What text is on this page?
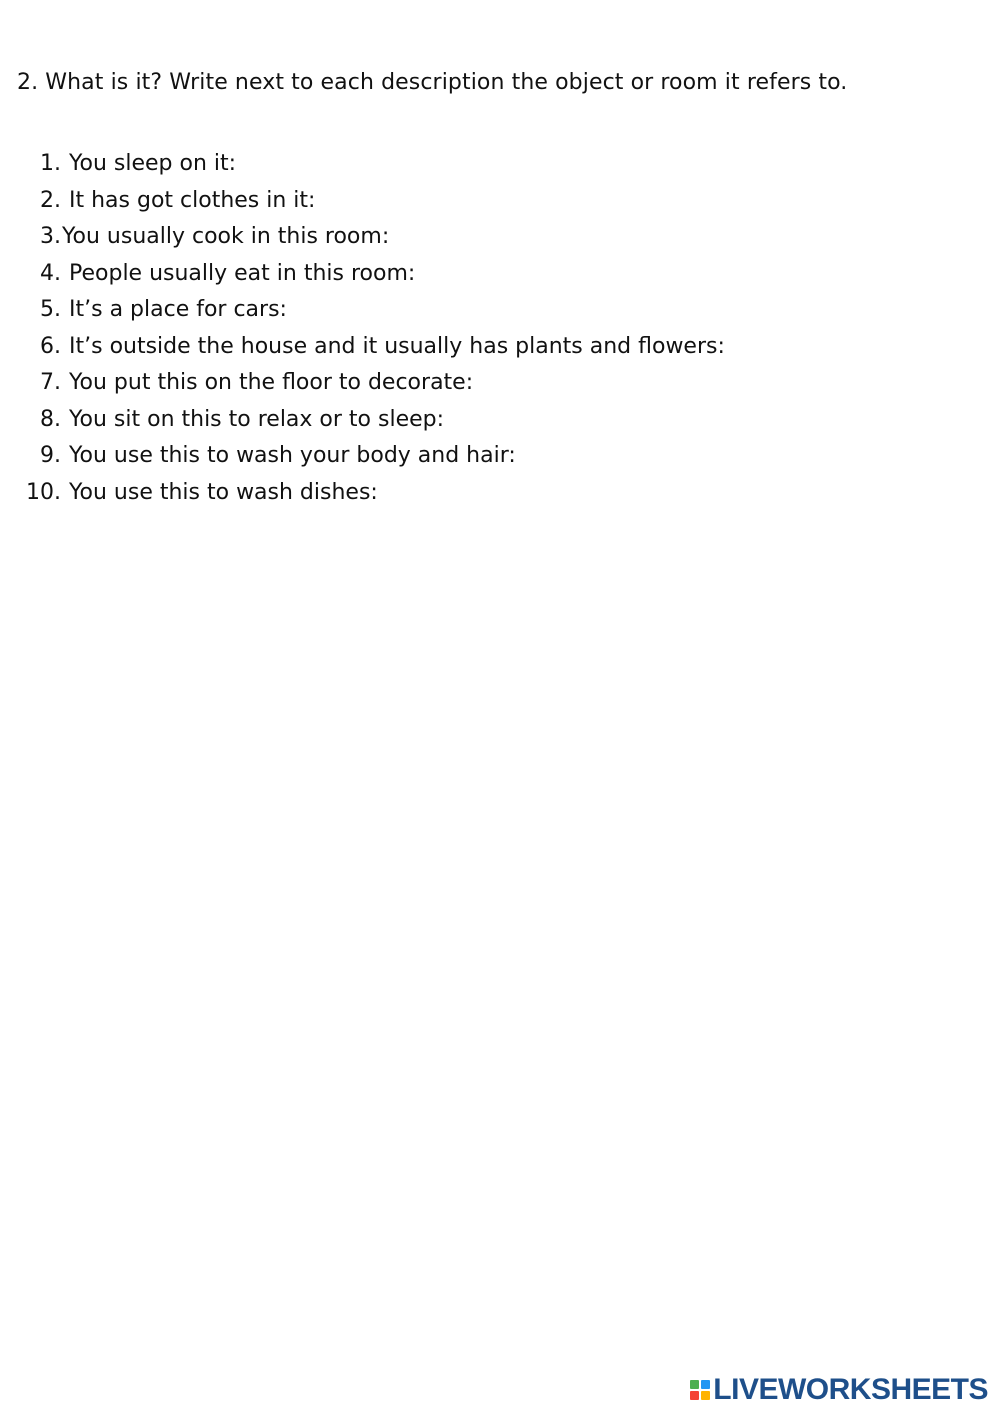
2. What is it? Write next to each description the object or room it refers to.
1. You sleep on it:
2. It has got clothes in it:
3. You usually cook in this room:
4. People usually eat in this room:
5. It’s a place for cars:
6. It’s outside the house and it usually has plants and flowers:
7. You put this on the floor to decorate:
8. You sit on this to relax or to sleep:
9. You use this to wash your body and hair:
10. You use this to wash dishes:
LIVEWORKSHEETS
